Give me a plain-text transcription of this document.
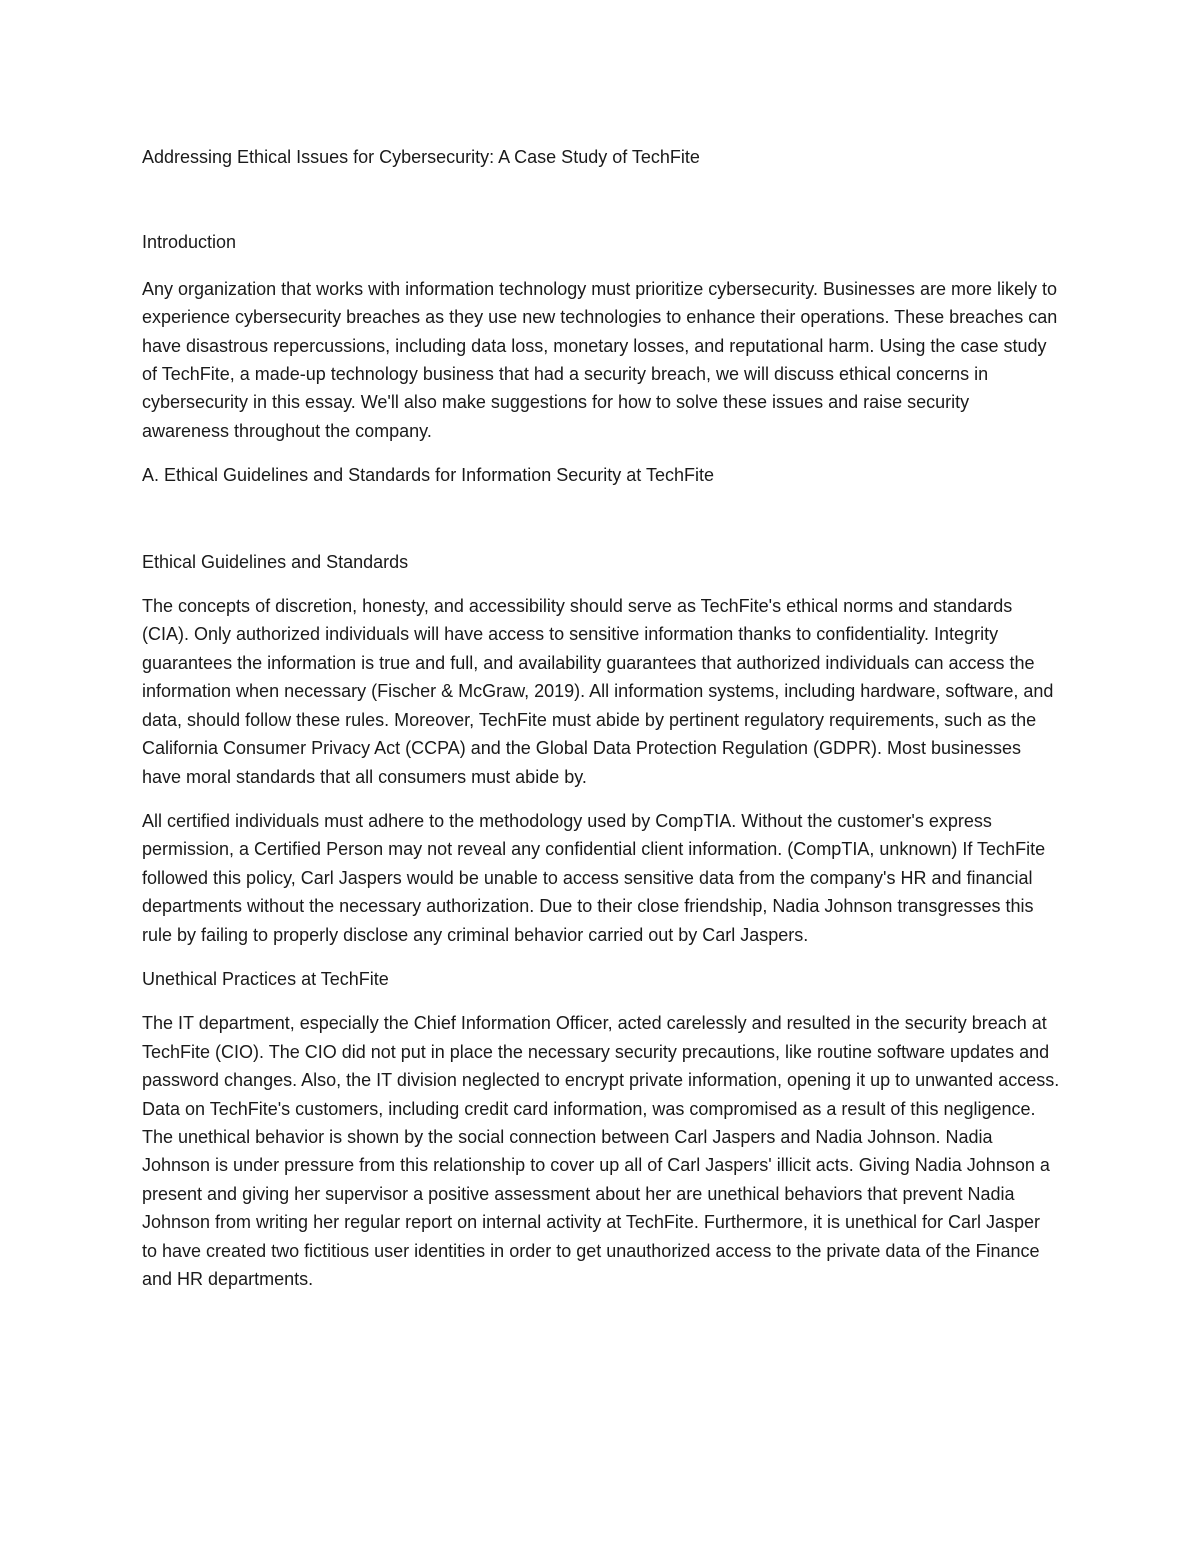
Addressing Ethical Issues for Cybersecurity: A Case Study of TechFite

Introduction

Any organization that works with information technology must prioritize cybersecurity. Businesses are more likely to experience cybersecurity breaches as they use new technologies to enhance their operations. These breaches can have disastrous repercussions, including data loss, monetary losses, and reputational harm. Using the case study of TechFite, a made-up technology business that had a security breach, we will discuss ethical concerns in cybersecurity in this essay. We'll also make suggestions for how to solve these issues and raise security awareness throughout the company.

A. Ethical Guidelines and Standards for Information Security at TechFite

Ethical Guidelines and Standards

The concepts of discretion, honesty, and accessibility should serve as TechFite's ethical norms and standards (CIA). Only authorized individuals will have access to sensitive information thanks to confidentiality. Integrity guarantees the information is true and full, and availability guarantees that authorized individuals can access the information when necessary (Fischer & McGraw, 2019). All information systems, including hardware, software, and data, should follow these rules. Moreover, TechFite must abide by pertinent regulatory requirements, such as the California Consumer Privacy Act (CCPA) and the Global Data Protection Regulation (GDPR). Most businesses have moral standards that all consumers must abide by.

All certified individuals must adhere to the methodology used by CompTIA. Without the customer's express permission, a Certified Person may not reveal any confidential client information. (CompTIA, unknown) If TechFite followed this policy, Carl Jaspers would be unable to access sensitive data from the company's HR and financial departments without the necessary authorization. Due to their close friendship, Nadia Johnson transgresses this rule by failing to properly disclose any criminal behavior carried out by Carl Jaspers.

Unethical Practices at TechFite

The IT department, especially the Chief Information Officer, acted carelessly and resulted in the security breach at TechFite (CIO). The CIO did not put in place the necessary security precautions, like routine software updates and password changes. Also, the IT division neglected to encrypt private information, opening it up to unwanted access. Data on TechFite's customers, including credit card information, was compromised as a result of this negligence. The unethical behavior is shown by the social connection between Carl Jaspers and Nadia Johnson. Nadia Johnson is under pressure from this relationship to cover up all of Carl Jaspers' illicit acts. Giving Nadia Johnson a present and giving her supervisor a positive assessment about her are unethical behaviors that prevent Nadia Johnson from writing her regular report on internal activity at TechFite. Furthermore, it is unethical for Carl Jasper to have created two fictitious user identities in order to get unauthorized access to the private data of the Finance and HR departments.
